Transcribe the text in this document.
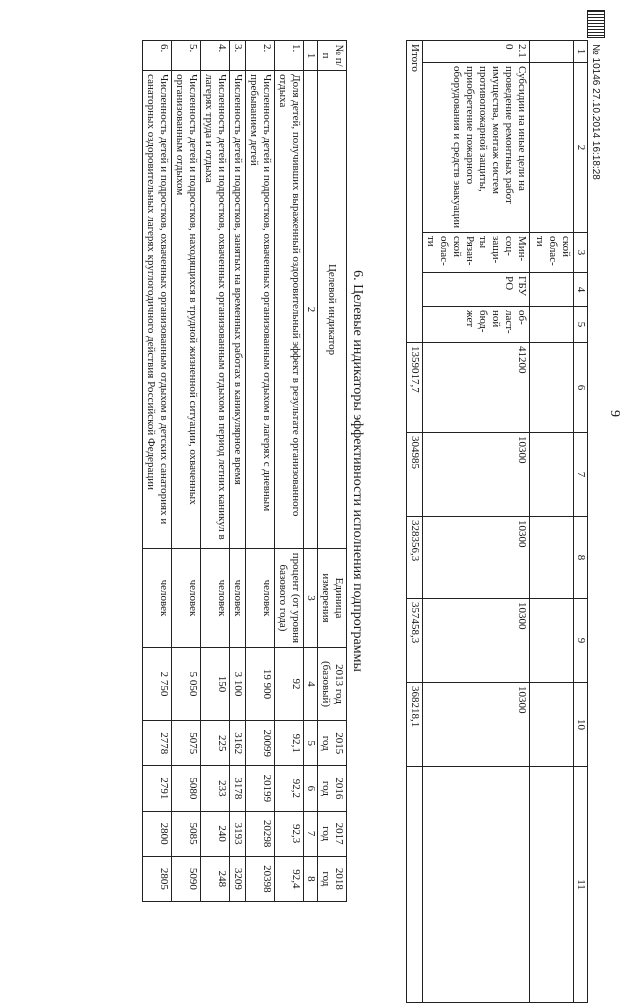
9
№ 10146 27.10.2014 16:18:28
1	2	3	4	5	6	7	8	9	10	11
		ской облас-ти								
2.1 0	Субсидии на иные цели на проведение ремонтных работ имущества, монтаж систем противопожарной защиты, приобретение пожарного оборудования и средств эвакуации	Мин-соц-защи-ты Рязан-ской облас-ти	ГБУ РО	об-ласт-ной бюд-жет	41200	10300	10300	10300	10300	
Итого					1359017,7	304985	328356,3	357458,3	368218,1	
6. Целевые индикаторы эффективности исполнения подпрограммы
№ п/п	Целевой индикатор	Единица измерения	2013 год (базовый)	2015 год	2016 год	2017 год	2018 год
1	2	3	4	5	6	7	8
1.	Доля детей, получивших выраженный оздоровительный эффект в результате организованного отдыха	процент (от уровня базового года)	92	92,1	92,2	92,3	92,4
2.	Численность детей и подростков, охваченных организованным отдыхом в лагерях с дневным пребыванием детей	человек	19 900	20099	20199	20298	20398
3.	Численность детей и подростков, занятых на временных работах в каникулярное время	человек	3 100	3162	3178	3193	3209
4.	Численность детей и подростков, охваченных организованным отдыхом в период летних каникул в лагерях труда и отдыха	человек	150	225	233	240	248
5.	Численность детей и подростков, находящихся в трудной жизненной ситуации, охваченных организованным отдыхом	человек	5 050	5075	5080	5085	5090
6.	Численность детей и подростков, охваченных организованным отдыхом в детских санаториях и санаторных оздоровительных лагерях круглогодичного действия Российской Федерации	человек	2 750	2778	2791	2800	2805
